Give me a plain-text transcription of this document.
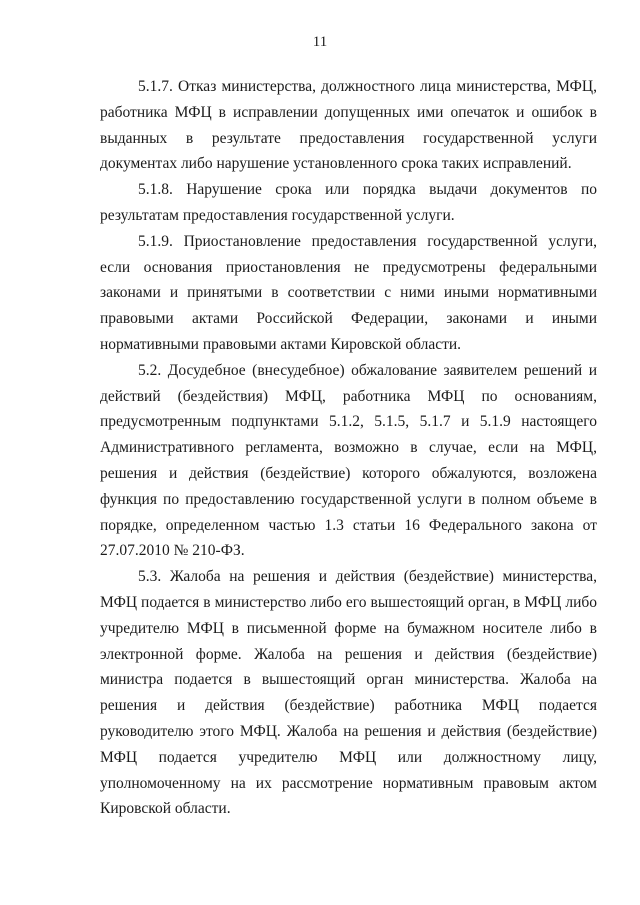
11

5.1.7. Отказ министерства, должностного лица министерства, МФЦ, работника МФЦ в исправлении допущенных ими опечаток и ошибок в выданных в результате предоставления государственной услуги документах либо нарушение установленного срока таких исправлений.

5.1.8. Нарушение срока или порядка выдачи документов по результатам предоставления государственной услуги.

5.1.9. Приостановление предоставления государственной услуги, если основания приостановления не предусмотрены федеральными законами и принятыми в соответствии с ними иными нормативными правовыми актами Российской Федерации, законами и иными нормативными правовыми актами Кировской области.

5.2. Досудебное (внесудебное) обжалование заявителем решений и действий (бездействия) МФЦ, работника МФЦ по основаниям, предусмотренным подпунктами 5.1.2, 5.1.5, 5.1.7 и 5.1.9 настоящего Административного регламента, возможно в случае, если на МФЦ, решения и действия (бездействие) которого обжалуются, возложена функция по предоставлению государственной услуги в полном объеме в порядке, определенном частью 1.3 статьи 16 Федерального закона от 27.07.2010 № 210-ФЗ.

5.3. Жалоба на решения и действия (бездействие) министерства, МФЦ подается в министерство либо его вышестоящий орган, в МФЦ либо учредителю МФЦ в письменной форме на бумажном носителе либо в электронной форме. Жалоба на решения и действия (бездействие) министра подается в вышестоящий орган министерства. Жалоба на решения и действия (бездействие) работника МФЦ подается руководителю этого МФЦ. Жалоба на решения и действия (бездействие) МФЦ подается учредителю МФЦ или должностному лицу, уполномоченному на их рассмотрение нормативным правовым актом Кировской области.
